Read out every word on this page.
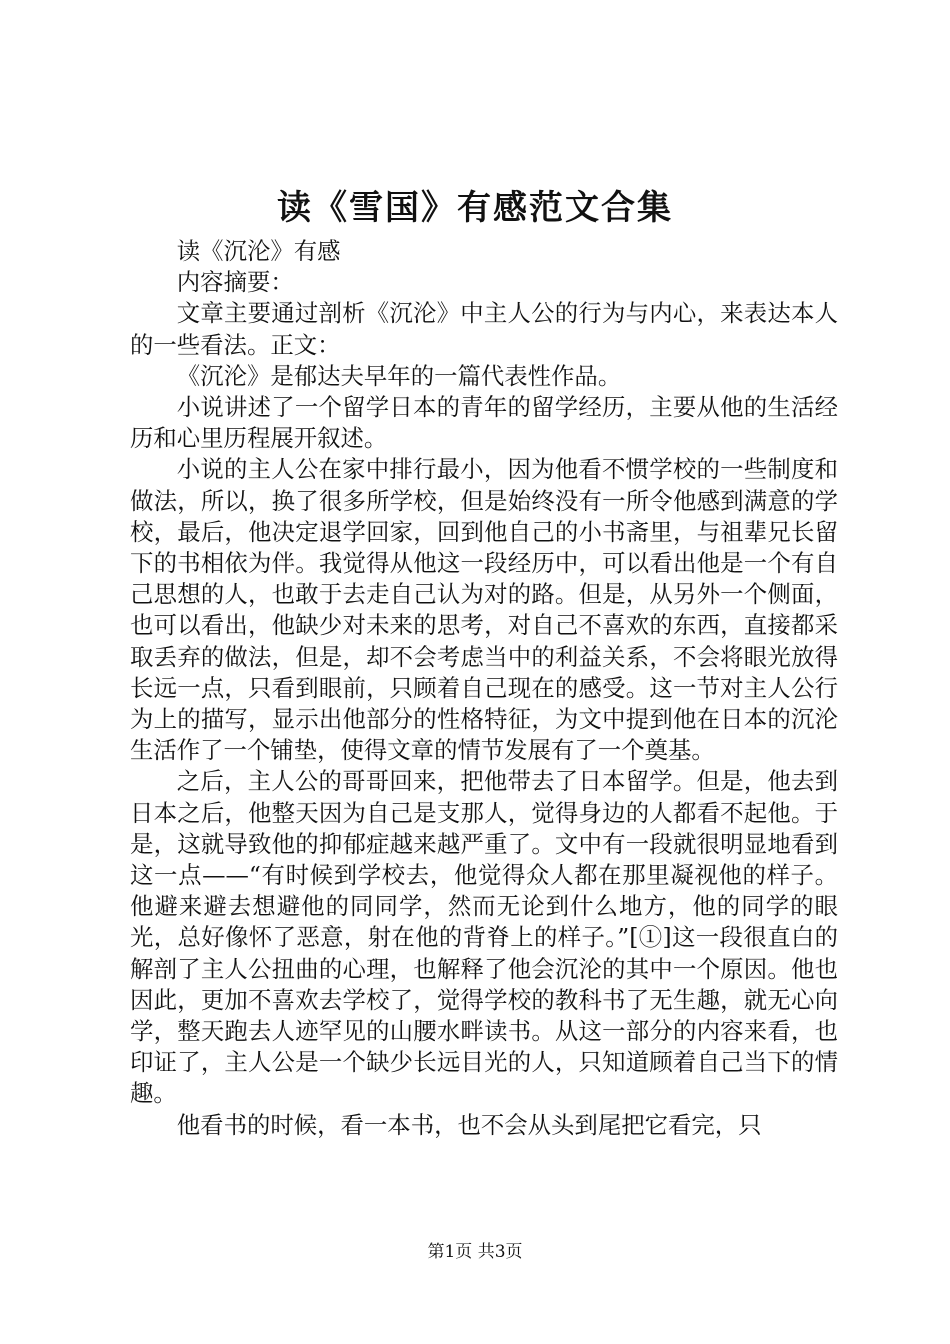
读《雪国》有感范文合集

读《沉沦》有感

内容摘要：

文章主要通过剖析《沉沦》中主人公的行为与内心，来表达本人的一些看法。正文：

《沉沦》是郁达夫早年的一篇代表性作品。

小说讲述了一个留学日本的青年的留学经历，主要从他的生活经历和心里历程展开叙述。

小说的主人公在家中排行最小，因为他看不惯学校的一些制度和做法，所以，换了很多所学校，但是始终没有一所令他感到满意的学校，最后，他决定退学回家，回到他自己的小书斋里，与祖辈兄长留下的书相依为伴。我觉得从他这一段经历中，可以看出他是一个有自己思想的人，也敢于去走自己认为对的路。但是，从另外一个侧面，也可以看出，他缺少对未来的思考，对自己不喜欢的东西，直接都采取丢弃的做法，但是，却不会考虑当中的利益关系，不会将眼光放得长远一点，只看到眼前，只顾着自己现在的感受。这一节对主人公行为上的描写，显示出他部分的性格特征，为文中提到他在日本的沉沦生活作了一个铺垫，使得文章的情节发展有了一个奠基。

之后，主人公的哥哥回来，把他带去了日本留学。但是，他去到日本之后，他整天因为自己是支那人，觉得身边的人都看不起他。于是，这就导致他的抑郁症越来越严重了。文中有一段就很明显地看到这一点——“有时候到学校去，他觉得众人都在那里凝视他的样子。他避来避去想避他的同同学，然而无论到什么地方，他的同学的眼光，总好像怀了恶意，射在他的背脊上的样子。”[①]这一段很直白的解剖了主人公扭曲的心理，也解释了他会沉沦的其中一个原因。他也因此，更加不喜欢去学校了，觉得学校的教科书了无生趣，就无心向学，整天跑去人迹罕见的山腰水畔读书。从这一部分的内容来看，也印证了，主人公是一个缺少长远目光的人，只知道顾着自己当下的情趣。

他看书的时候，看一本书，也不会从头到尾把它看完，只

第1页 共3页
